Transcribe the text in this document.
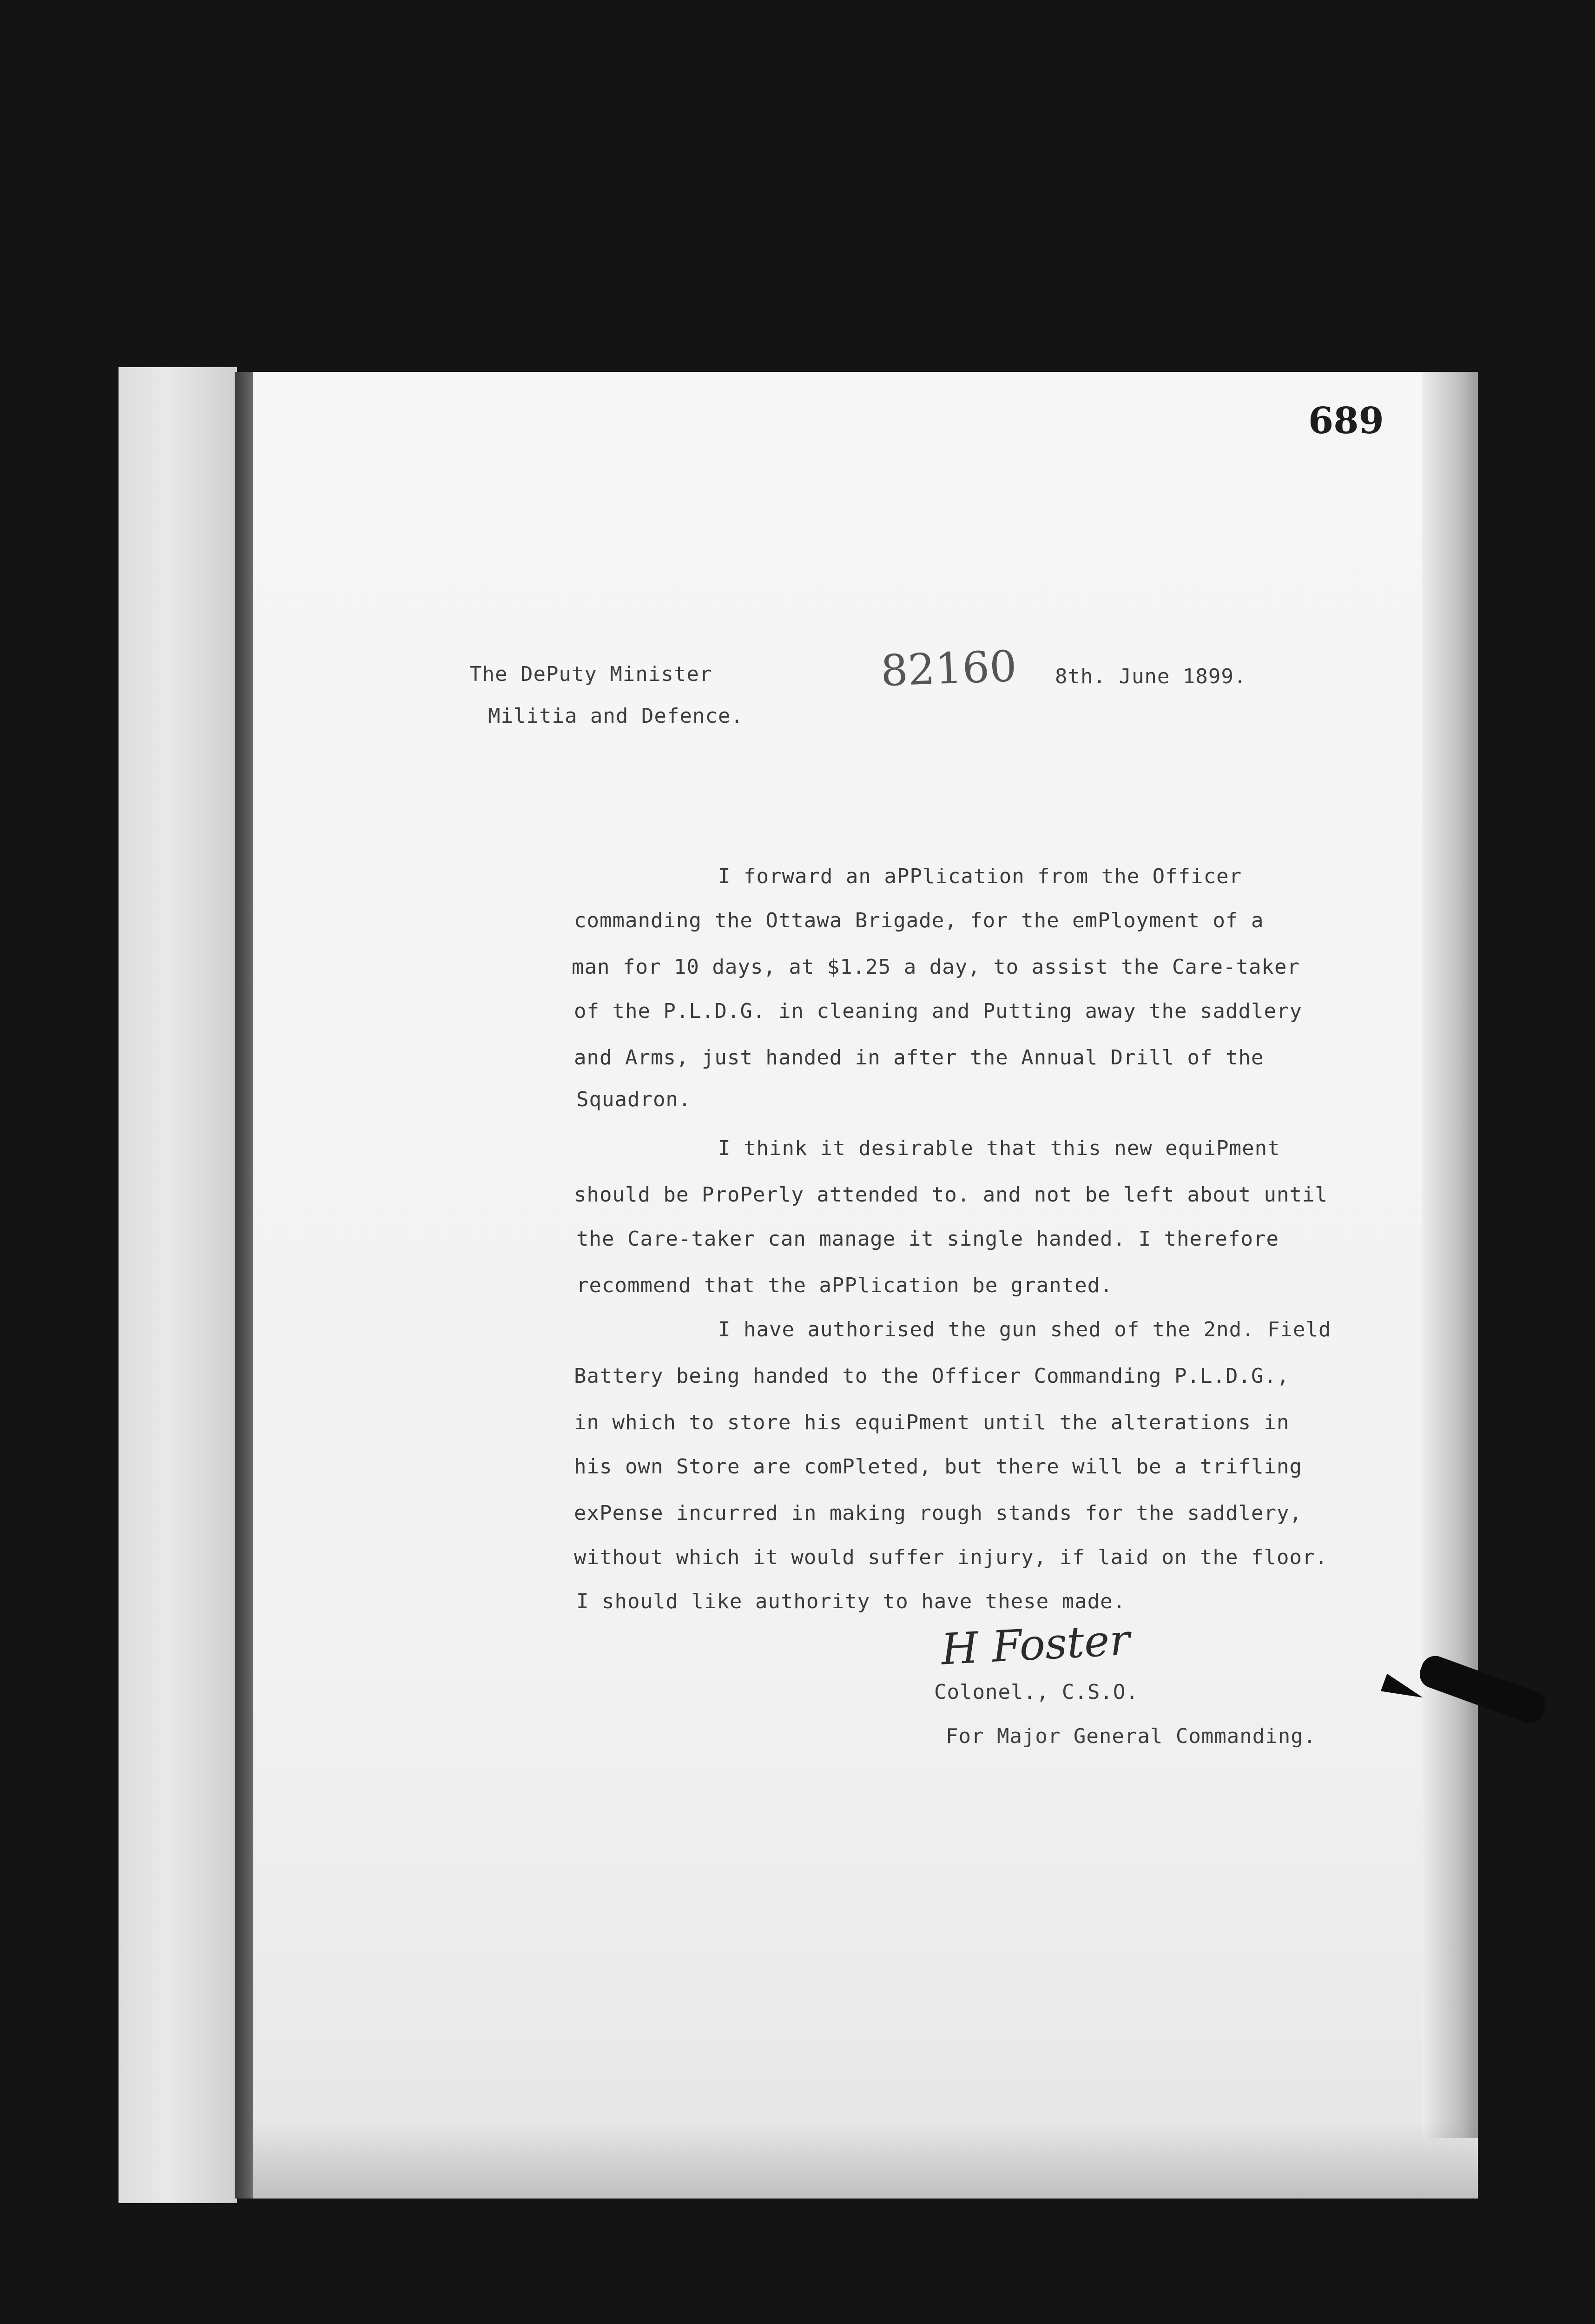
689
The DePuty Minister
Militia and Defence.
82160 8th. June 1899.
I forward an aPPlication from the Officer
commanding the Ottawa Brigade, for the emPloyment of a
man for 10 days, at $1.25 a day, to assist the Care-taker
of the P.L.D.G. in cleaning and Putting away the saddlery
and Arms, just handed in after the Annual Drill of the
Squadron.
I think it desirable that this new equiPment
should be ProPerly attended to. and not be left about until
the Care-taker can manage it single handed. I therefore
recommend that the aPPlication be granted.
I have authorised the gun shed of the 2nd. Field
Battery being handed to the Officer Commanding P.L.D.G.,
in which to store his equiPment until the alterations in
his own Store are comPleted, but there will be a trifling
exPense incurred in making rough stands for the saddlery,
without which it would suffer injury, if laid on the floor.
I should like authority to have these made.
H Foster
Colonel., C.S.O.
For Major General Commanding.
